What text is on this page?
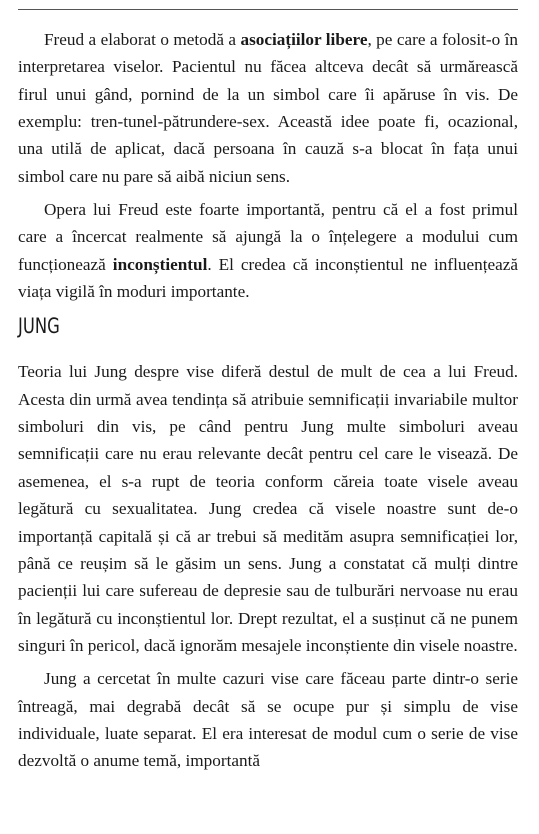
Freud a elaborat o metodă a asociațiilor libere, pe care a folosit-o în interpretarea viselor. Pacientul nu făcea altceva decât să urmărească firul unui gând, pornind de la un simbol care îi apăruse în vis. De exemplu: tren-tunel-pătrundere-sex. Această idee poate fi, ocazional, una utilă de aplicat, dacă persoana în cauză s-a blocat în fața unui simbol care nu pare să aibă niciun sens.

Opera lui Freud este foarte importantă, pentru că el a fost primul care a încercat realmente să ajungă la o înțelegere a modului cum funcționează inconștientul. El credea că inconștientul ne influențează viața vigilă în moduri importante.

JUNG

Teoria lui Jung despre vise diferă destul de mult de cea a lui Freud. Acesta din urmă avea tendința să atribuie semnificații invariabile multor simboluri din vis, pe când pentru Jung multe simboluri aveau semnificații care nu erau relevante decât pentru cel care le visează. De asemenea, el s-a rupt de teoria conform căreia toate visele aveau legătură cu sexualitatea. Jung credea că visele noastre sunt de-o importanță capitală și că ar trebui să medităm asupra semnificației lor, până ce reușim să le găsim un sens. Jung a constatat că mulți dintre pacienții lui care sufereau de depresie sau de tulburări nervoase nu erau în legătură cu inconștientul lor. Drept rezultat, el a susținut că ne punem singuri în pericol, dacă ignorăm mesajele inconștiente din visele noastre.

Jung a cercetat în multe cazuri vise care făceau parte dintr-o serie întreagă, mai degrabă decât să se ocupe pur și simplu de vise individuale, luate separat. El era interesat de modul cum o serie de vise dezvoltă o anume temă, importantă
